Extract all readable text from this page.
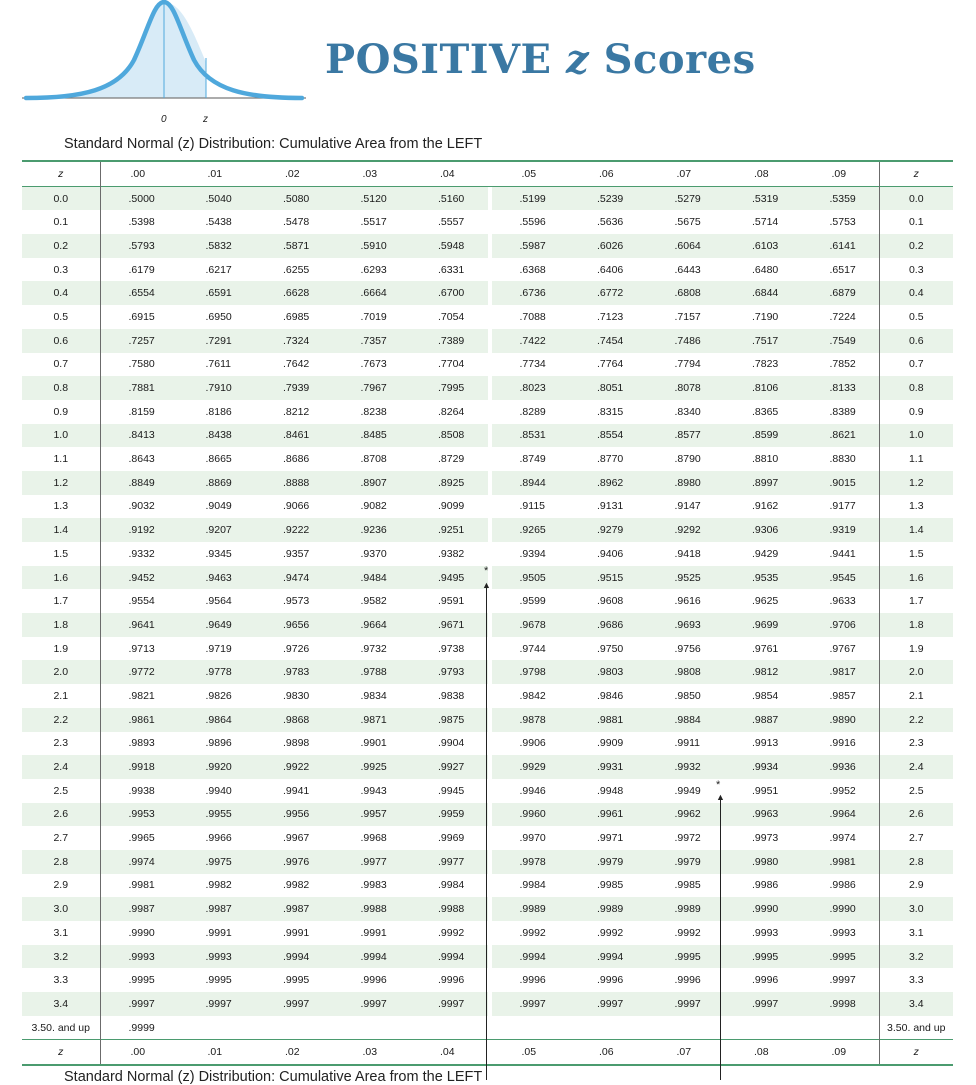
0	z
POSITIVE z Scores
Standard Normal (z) Distribution: Cumulative Area from the LEFT
z	.00	.01	.02	.03	.04		.05	.06	.07	.08	.09	z
0.0	.5000	.5040	.5080	.5120	.5160		.5199	.5239	.5279	.5319	.5359	0.0
0.1	.5398	.5438	.5478	.5517	.5557		.5596	.5636	.5675	.5714	.5753	0.1
0.2	.5793	.5832	.5871	.5910	.5948		.5987	.6026	.6064	.6103	.6141	0.2
0.3	.6179	.6217	.6255	.6293	.6331		.6368	.6406	.6443	.6480	.6517	0.3
0.4	.6554	.6591	.6628	.6664	.6700		.6736	.6772	.6808	.6844	.6879	0.4
0.5	.6915	.6950	.6985	.7019	.7054		.7088	.7123	.7157	.7190	.7224	0.5
0.6	.7257	.7291	.7324	.7357	.7389		.7422	.7454	.7486	.7517	.7549	0.6
0.7	.7580	.7611	.7642	.7673	.7704		.7734	.7764	.7794	.7823	.7852	0.7
0.8	.7881	.7910	.7939	.7967	.7995		.8023	.8051	.8078	.8106	.8133	0.8
0.9	.8159	.8186	.8212	.8238	.8264		.8289	.8315	.8340	.8365	.8389	0.9
1.0	.8413	.8438	.8461	.8485	.8508		.8531	.8554	.8577	.8599	.8621	1.0
1.1	.8643	.8665	.8686	.8708	.8729		.8749	.8770	.8790	.8810	.8830	1.1
1.2	.8849	.8869	.8888	.8907	.8925		.8944	.8962	.8980	.8997	.9015	1.2
1.3	.9032	.9049	.9066	.9082	.9099		.9115	.9131	.9147	.9162	.9177	1.3
1.4	.9192	.9207	.9222	.9236	.9251		.9265	.9279	.9292	.9306	.9319	1.4
1.5	.9332	.9345	.9357	.9370	.9382		.9394	.9406	.9418	.9429	.9441	1.5
1.6	.9452	.9463	.9474	.9484	.9495		.9505	.9515	.9525	.9535	.9545	1.6
1.7	.9554	.9564	.9573	.9582	.9591		.9599	.9608	.9616	.9625	.9633	1.7
1.8	.9641	.9649	.9656	.9664	.9671		.9678	.9686	.9693	.9699	.9706	1.8
1.9	.9713	.9719	.9726	.9732	.9738		.9744	.9750	.9756	.9761	.9767	1.9
2.0	.9772	.9778	.9783	.9788	.9793		.9798	.9803	.9808	.9812	.9817	2.0
2.1	.9821	.9826	.9830	.9834	.9838		.9842	.9846	.9850	.9854	.9857	2.1
2.2	.9861	.9864	.9868	.9871	.9875		.9878	.9881	.9884	.9887	.9890	2.2
2.3	.9893	.9896	.9898	.9901	.9904		.9906	.9909	.9911	.9913	.9916	2.3
2.4	.9918	.9920	.9922	.9925	.9927		.9929	.9931	.9932	.9934	.9936	2.4
2.5	.9938	.9940	.9941	.9943	.9945		.9946	.9948	.9949	.9951	.9952	2.5
2.6	.9953	.9955	.9956	.9957	.9959		.9960	.9961	.9962	.9963	.9964	2.6
2.7	.9965	.9966	.9967	.9968	.9969		.9970	.9971	.9972	.9973	.9974	2.7
2.8	.9974	.9975	.9976	.9977	.9977		.9978	.9979	.9979	.9980	.9981	2.8
2.9	.9981	.9982	.9982	.9983	.9984		.9984	.9985	.9985	.9986	.9986	2.9
3.0	.9987	.9987	.9987	.9988	.9988		.9989	.9989	.9989	.9990	.9990	3.0
3.1	.9990	.9991	.9991	.9991	.9992		.9992	.9992	.9992	.9993	.9993	3.1
3.2	.9993	.9993	.9994	.9994	.9994		.9994	.9994	.9995	.9995	.9995	3.2
3.3	.9995	.9995	.9995	.9996	.9996		.9996	.9996	.9996	.9996	.9997	3.3
3.4	.9997	.9997	.9997	.9997	.9997		.9997	.9997	.9997	.9997	.9998	3.4
3.50. and up	.9999											3.50. and up
z	.00	.01	.02	.03	.04		.05	.06	.07	.08	.09	z
*
▲
*
▲
Standard Normal (z) Distribution: Cumulative Area from the LEFT
